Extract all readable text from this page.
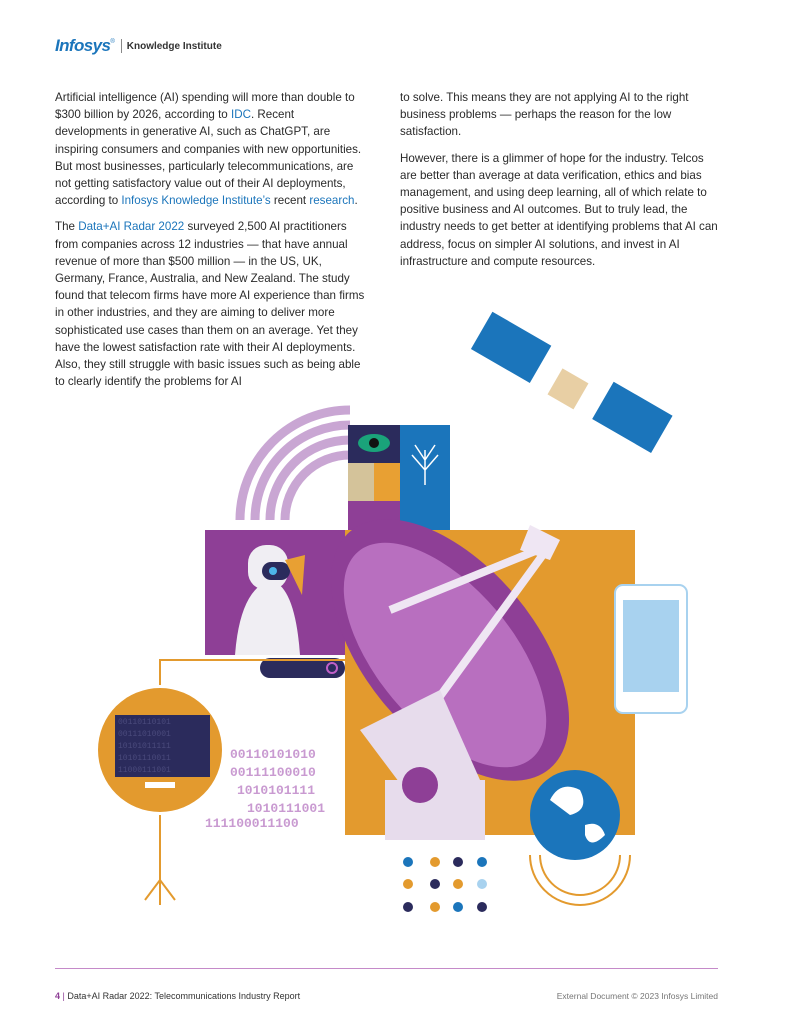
Infosys® Knowledge Institute

Artificial intelligence (AI) spending will more than double to $300 billion by 2026, according to IDC. Recent developments in generative AI, such as ChatGPT, are inspiring consumers and companies with new opportunities. But most businesses, particularly telecommunications, are not getting satisfactory value out of their AI deployments, according to Infosys Knowledge Institute’s recent research.

The Data+AI Radar 2022 surveyed 2,500 AI practitioners from companies across 12 industries — that have annual revenue of more than $500 million — in the US, UK, Germany, France, Australia, and New Zealand. The study found that telecom firms have more AI experience than firms in other industries, and they are aiming to deliver more sophisticated use cases than them on an average. Yet they have the lowest satisfaction rate with their AI deployments. Also, they still struggle with basic issues such as being able to clearly identify the problems for AI

to solve. This means they are not applying AI to the right business problems — perhaps the reason for the low satisfaction.

However, there is a glimmer of hope for the industry. Telcos are better than average at data verification, ethics and bias management, and using deep learning, all of which relate to positive business and AI outcomes. But to truly lead, the industry needs to get better at identifying problems that AI can address, focus on simpler AI solutions, and invest in AI infrastructure and compute resources.

00110101010
00111100010
1010101111
1010111001
111100011100
00110110101
00111010001
10101011111
10101110011
11000111001
4 | Data+AI Radar 2022: Telecommunications Industry Report	External Document © 2023 Infosys Limited
